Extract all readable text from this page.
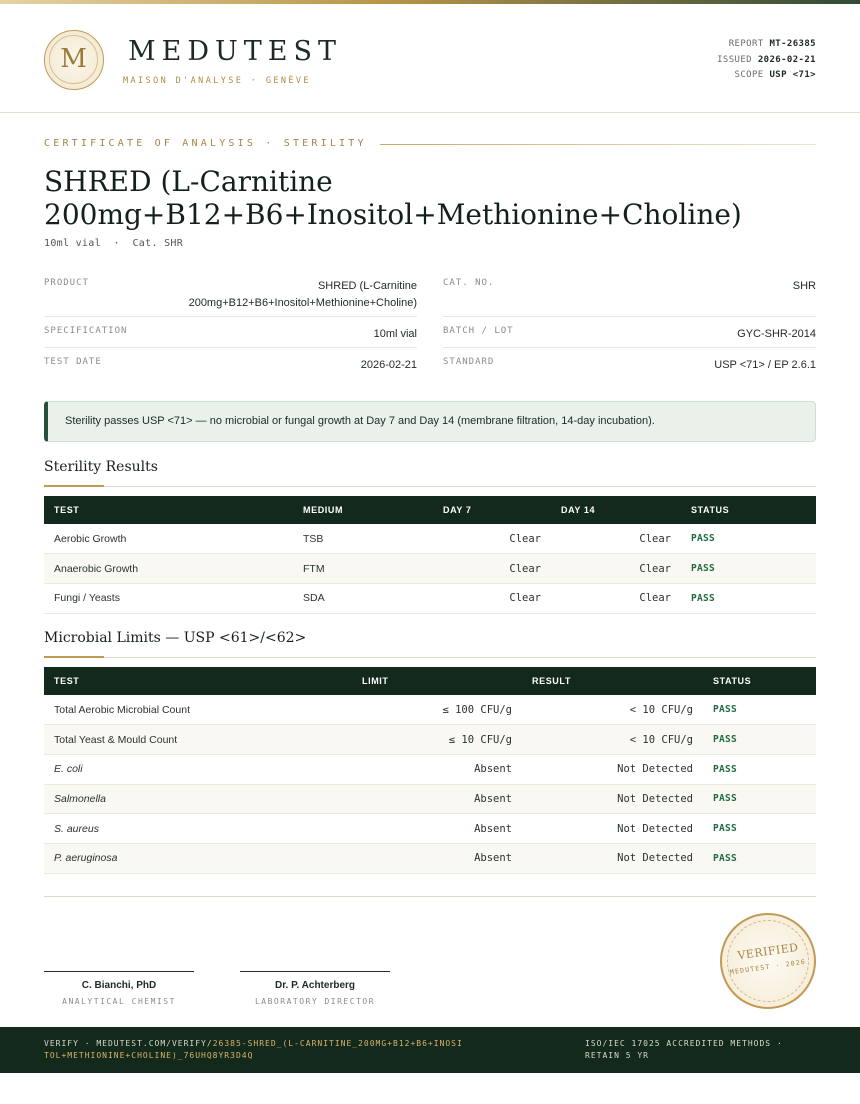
M	MEDUTEST
MAISON D'ANALYSE · GENÈVE
REPORT MT-26385
ISSUED 2026-02-21
SCOPE USP <71>
CERTIFICATE OF ANALYSIS · STERILITY
SHRED (L-Carnitine 200mg+B12+B6+Inositol+Methionine+Choline)
10ml vial  ·  Cat. SHR
PRODUCT	SHRED (L-Carnitine
200mg+B12+B6+Inositol+Methionine+Choline)
CAT. NO.	SHR
SPECIFICATION	10ml vial	BATCH / LOT	GYC-SHR-2014
TEST DATE	2026-02-21	STANDARD	USP <71> / EP 2.6.1
Sterility passes USP <71> — no microbial or fungal growth at Day 7 and Day 14 (membrane filtration, 14-day incubation).
Sterility Results
TEST	MEDIUM	DAY 7	DAY 14	STATUS
Aerobic Growth	TSB	Clear	Clear	PASS
Anaerobic Growth	FTM	Clear	Clear	PASS
Fungi / Yeasts	SDA	Clear	Clear	PASS
Microbial Limits — USP <61>/<62>
TEST	LIMIT	RESULT	STATUS
Total Aerobic Microbial Count	≤ 100 CFU/g	< 10 CFU/g	PASS
Total Yeast & Mould Count	≤ 10 CFU/g	< 10 CFU/g	PASS
E. coli	Absent	Not Detected	PASS
Salmonella	Absent	Not Detected	PASS
S. aureus	Absent	Not Detected	PASS
P. aeruginosa	Absent	Not Detected	PASS
C. Bianchi, PhD
ANALYTICAL CHEMIST
Dr. P. Achterberg
LABORATORY DIRECTOR
VERIFIED
MEDUTEST · 2026
VERIFY · MEDUTEST.COM/VERIFY/26385-SHRED_(L-CARNITINE_200MG+B12+B6+INOSITOL+METHIONINE+CHOLINE)_76UHQ8YR3D4Q
ISO/IEC 17025 ACCREDITED METHODS ·
RETAIN 5 YR
